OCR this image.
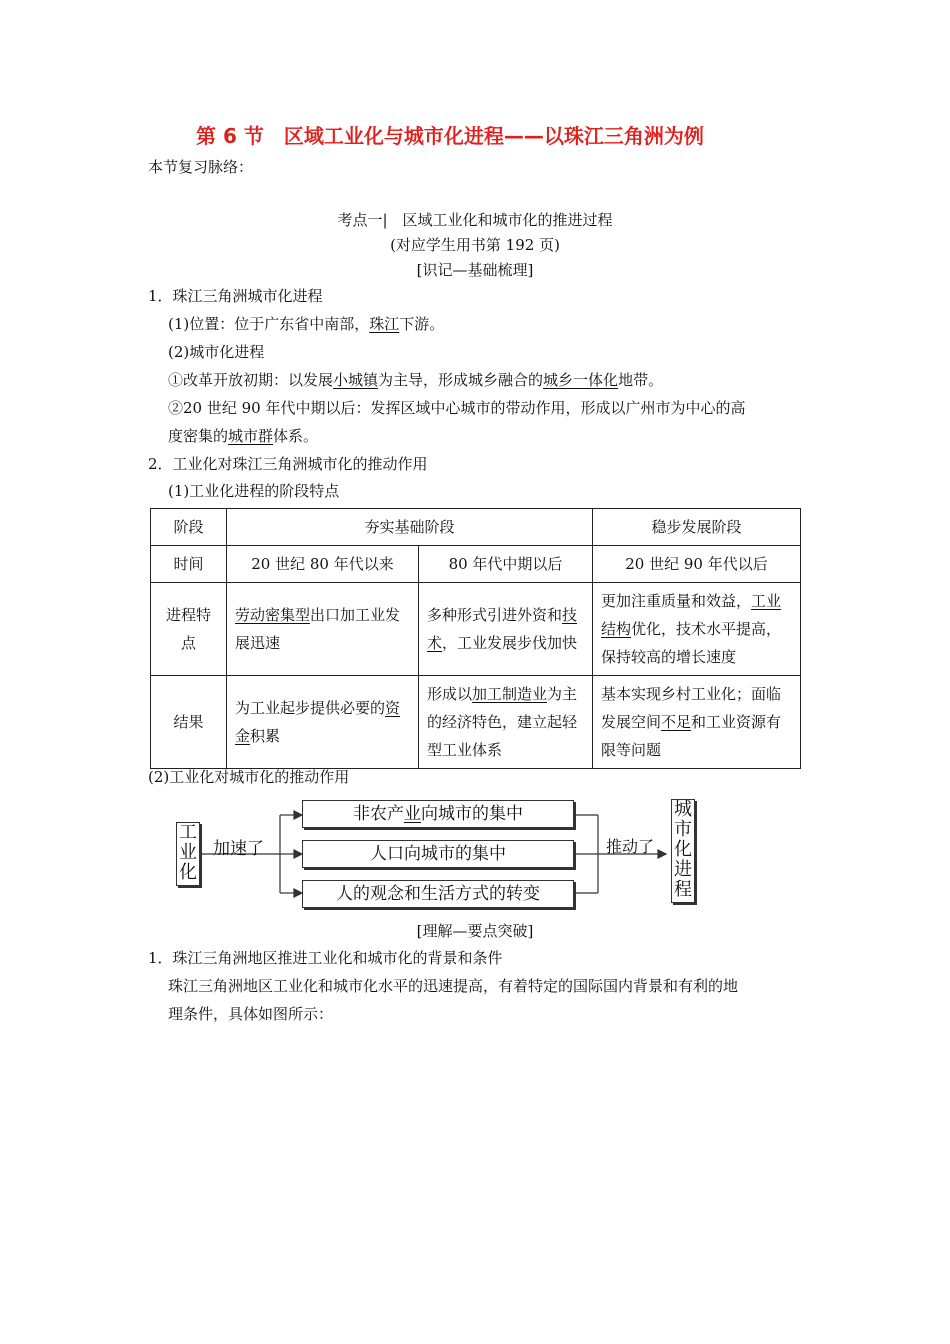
第 6 节　区域工业化与城市化进程——以珠江三角洲为例
本节复习脉络：
考点一|　区域工业化和城市化的推进过程
(对应学生用书第 192 页)
[识记—基础梳理]
1．珠江三角洲城市化进程
(1)位置：位于广东省中南部，珠江下游。
(2)城市化进程
①改革开放初期：以发展小城镇为主导，形成城乡融合的城乡一体化地带。
②20 世纪 90 年代中期以后：发挥区域中心城市的带动作用，形成以广州市为中心的高
度密集的城市群体系。
2．工业化对珠江三角洲城市化的推动作用
(1)工业化进程的阶段特点
阶段	夯实基础阶段		稳步发展阶段
时间	20 世纪 80 年代以来	80 年代中期以后	20 世纪 90 年代以后
进程特点	劳动密集型出口加工业发展迅速	多种形式引进外资和技术，工业发展步伐加快	更加注重质量和效益，工业结构优化，技术水平提高，保持较高的增长速度
结果	为工业起步提供必要的资金积累	形成以加工制造业为主的经济特色，建立起轻型工业体系	基本实现乡村工业化；面临发展空间不足和工业资源有限等问题
(2)工业化对城市化的推动作用
工业化
加速了
非农产业向城市的集中
人口向城市的集中
人的观念和生活方式的转变
推动了
城市化进程
[理解—要点突破]
1．珠江三角洲地区推进工业化和城市化的背景和条件
珠江三角洲地区工业化和城市化水平的迅速提高，有着特定的国际国内背景和有利的地
理条件，具体如图所示：
